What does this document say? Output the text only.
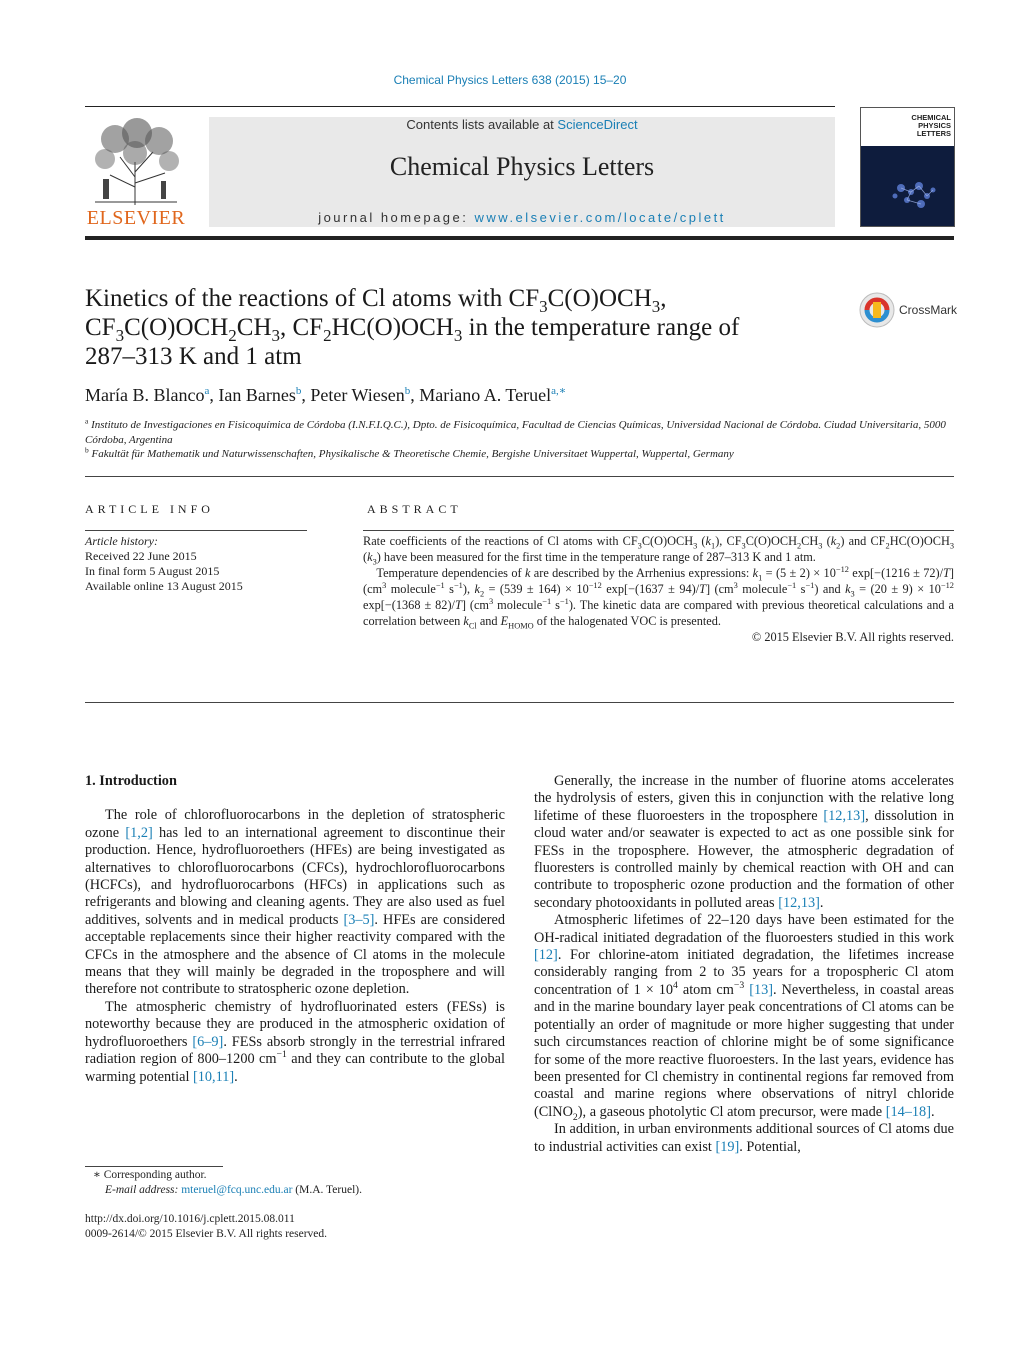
Chemical Physics Letters 638 (2015) 15–20
ELSEVIER
Contents lists available at ScienceDirect
Chemical Physics Letters
journal homepage: www.elsevier.com/locate/cplett
CHEMICAL
PHYSICS
LETTERS
Kinetics of the reactions of Cl atoms with $CF_3C(O)OCH_3$,
$CF_3C(O)OCH_2CH_3$, $CF_2HC(O)OCH_3$ in the temperature range of
287–313 K and 1 atm
CrossMark
María B. Blanco$^a$, Ian Barnes$^b$, Peter Wiesen$^b$, Mariano A. Teruel$^{a,∗}$
$^a$ Instituto de Investigaciones en Fisicoquímica de Córdoba (I.N.F.I.Q.C.), Dpto. de Fisicoquímica, Facultad de Ciencias Químicas, Universidad Nacional de Córdoba. Ciudad Universitaria, 5000 Córdoba, Argentina
$^b$ Fakultät für Mathematik und Naturwissenschaften, Physikalische & Theoretische Chemie, Bergishe Universitaet Wuppertal, Wuppertal, Germany
ARTICLE INFO
Article history:
Received 22 June 2015
In final form 5 August 2015
Available online 13 August 2015
ABSTRACT

Rate coefficients of the reactions of Cl atoms with $CF_3C(O)OCH_3$ $(k_1)$, $CF_3C(O)OCH_2CH_3$ $(k_2)$ and $CF_2HC(O)OCH_3$ $(k_3)$ have been measured for the first time in the temperature range of 287–313 K and 1 atm.

Temperature dependencies of k are described by the Arrhenius expressions: $k_1 = (5 \pm 2) \times 10^{-12}$ exp[−(1216 ± 72)/T] ($cm^3$ molecule$^{-1}$ $s^{-1}$), $k_2 = (539 \pm 164) \times 10^{-12}$ exp[−(1637 ± 94)/T] ($cm^3$ molecule$^{-1}$ $s^{-1}$) and $k_3 = (20 \pm 9) \times 10^{-12}$ exp[−(1368 ± 82)/T] ($cm^3$ molecule$^{-1}$ $s^{-1}$). The kinetic data are compared with previous theoretical calculations and a correlation between $k_{Cl}$ and $E_{HOMO}$ of the halogenated VOC is presented.

© 2015 Elsevier B.V. All rights reserved.

1. Introduction

The role of chlorofluorocarbons in the depletion of stratospheric ozone [1,2] has led to an international agreement to discontinue their production. Hence, hydrofluoroethers (HFEs) are being investigated as alternatives to chlorofluorocarbons (CFCs), hydrochlorofluorocarbons (HCFCs), and hydrofluorocarbons (HFCs) in applications such as refrigerants and blowing and cleaning agents. They are also used as fuel additives, solvents and in medical products [3–5]. HFEs are considered acceptable replacements since their higher reactivity compared with the CFCs in the atmosphere and the absence of Cl atoms in the molecule means that they will mainly be degraded in the troposphere and will therefore not contribute to stratospheric ozone depletion.

The atmospheric chemistry of hydrofluorinated esters (FESs) is noteworthy because they are produced in the atmospheric oxidation of hydrofluoroethers [6–9]. FESs absorb strongly in the terrestrial infrared radiation region of 800–1200 $cm^{-1}$ and they can contribute to the global warming potential [10,11].

Generally, the increase in the number of fluorine atoms accelerates the hydrolysis of esters, given this in conjunction with the relative long lifetime of these fluoroesters in the troposphere [12,13], dissolution in cloud water and/or seawater is expected to act as one possible sink for FESs in the troposphere. However, the atmospheric degradation of fluoresters is controlled mainly by chemical reaction with OH and can contribute to tropospheric ozone production and the formation of other secondary photooxidants in polluted areas [12,13].

Atmospheric lifetimes of 22–120 days have been estimated for the OH-radical initiated degradation of the fluoroesters studied in this work [12]. For chlorine-atom initiated degradation, the lifetimes increase considerably ranging from 2 to 35 years for a tropospheric Cl atom concentration of $1 \times 10^4$ atom $cm^{-3}$ [13]. Nevertheless, in coastal areas and in the marine boundary layer peak concentrations of Cl atoms can be potentially an order of magnitude or more higher suggesting that under such circumstances reaction of chlorine might be of some significance for some of the more reactive fluoroesters. In the last years, evidence has been presented for Cl chemistry in continental regions far removed from coastal and marine regions where observations of nitryl chloride (ClNO$_2$), a gaseous photolytic Cl atom precursor, were made [14–18].

In addition, in urban environments additional sources of Cl atoms due to industrial activities can exist [19]. Potential,

∗ Corresponding author.
E-mail address: mteruel@fcq.unc.edu.ar (M.A. Teruel).
http://dx.doi.org/10.1016/j.cplett.2015.08.011
0009-2614/© 2015 Elsevier B.V. All rights reserved.
